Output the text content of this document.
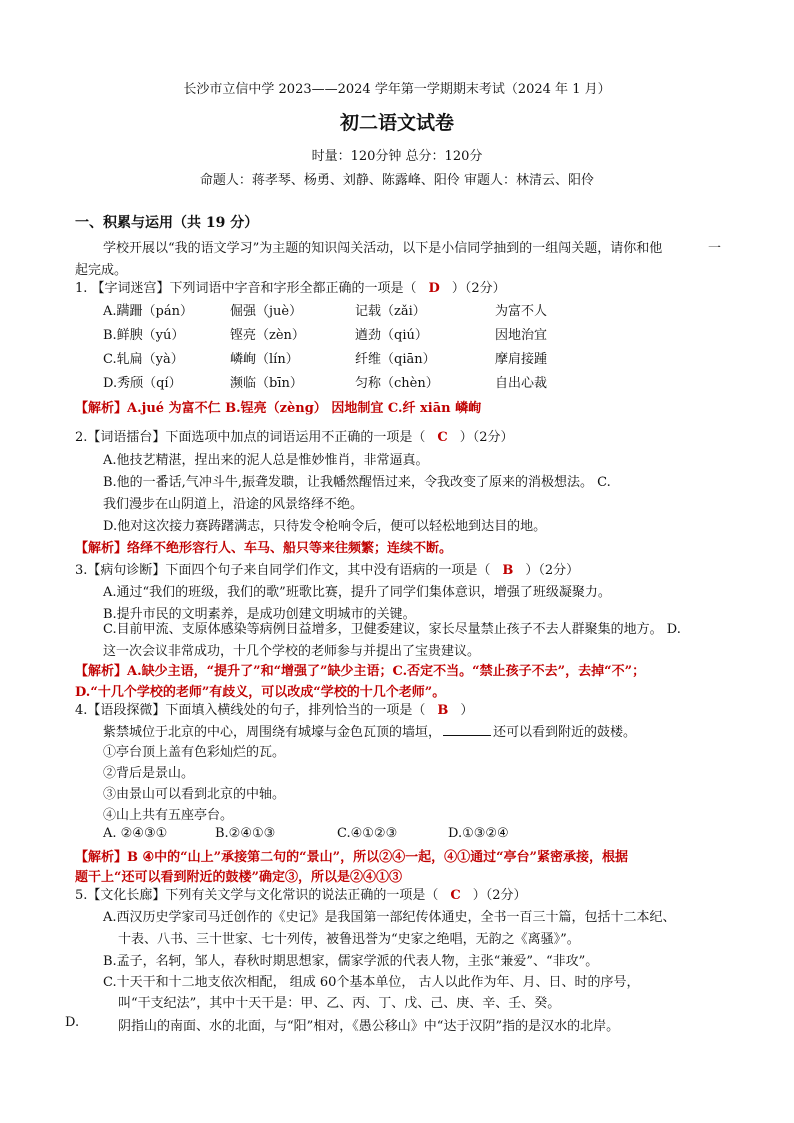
长沙市立信中学 2023——2024 学年第一学期期末考试（2024 年 1 月）
初二语文试卷
时量：120分钟 总分：120分
命题人：蒋孝琴、杨勇、刘静、陈露峰、阳伶 审题人：林清云、阳伶
一、积累与运用（共 19 分）
学校开展以“我的语文学习”为主题的知识闯关活动，以下是小信同学抽到的一组闯关题，请你和他	一
起完成。
1. 【字词迷宫】下列词语中字音和字形全都正确的一项是（ D ）（2分）
A.蹒跚（pán）	倔强（juè）	记载（zǎi）	为富不人
B.鲜腴（yú）	铿亮（zèn）	遒劲（qiú）	因地治宜
C.轧扁（yà）	嶙峋（lín）	纤维（qiān）	摩肩接踵
D.秀颀（qí）	濒临（bīn）	匀称（chèn）	自出心裁
【解析】A.jué 为富不仁 B.锃亮（zèng） 因地制宜 C.纤 xiān 嶙峋
2.【词语擂台】下面选项中加点的词语运用不正确的一项是（ C ）（2分）
A.他技艺精湛，捏出来的泥人总是惟妙惟肖，非常逼真。
B.他的一番话,气冲斗牛,振聋发聩，让我幡然醒悟过来，令我改变了原来的消极想法。 C.
我们漫步在山阴道上，沿途的风景络绎不绝。
D.他对这次接力赛踌躇满志，只待发令枪响令后，便可以轻松地到达目的地。
【解析】络绎不绝形容行人、车马、船只等来往频繁；连续不断。
3.【病句诊断】下面四个句子来自同学们作文，其中没有语病的一项是（ B ）（2分）
A.通过“我们的班级，我们的歌”班歌比赛，提升了同学们集体意识，增强了班级凝聚力。
B.提升市民的文明素养，是成功创建文明城市的关键。
C.目前甲流、支原体感染等病例日益增多，卫健委建议，家长尽量禁止孩子不去人群聚集的地方。 D.
这一次会议非常成功，十几个学校的老师参与并提出了宝贵建议。
【解析】A.缺少主语，“提升了”和“增强了”缺少主语；C.否定不当。“禁止孩子不去”，去掉“不”；
D.“十几个学校的老师”有歧义，可以改成“学校的十几个老师”。
4.【语段探微】下面填入横线处的句子，排列恰当的一项是（ B ）
紫禁城位于北京的中心，周围绕有城壕与金色瓦顶的墙垣，	还可以看到附近的鼓楼。
①亭台顶上盖有色彩灿烂的瓦。
②背后是景山。
③由景山可以看到北京的中轴。
④山上共有五座亭台。
A. ②④③①	B.②④①③	C.④①②③	D.①③②④
【解析】B ④中的“山上”承接第二句的“景山”，所以②④一起，④①通过“亭台”紧密承接，根据
题干上“还可以看到附近的鼓楼”确定③，所以是②④①③
5.【文化长廊】下列有关文学与文化常识的说法正确的一项是（ C ）（2分）
A.西汉历史学家司马迁创作的《史记》是我国第一部纪传体通史，全书一百三十篇，包括十二本纪、
十表、八书、三十世家、七十列传，被鲁迅誉为“史家之绝唱，无韵之《离骚》”。
B.孟子，名轲，邹人，春秋时期思想家，儒家学派的代表人物，主张“兼爱”、“非攻”。
C.十天干和十二地支依次相配， 组成 60个基本单位， 古人以此作为年、月、日、时的序号，
叫“干支纪法”，其中十天干是：甲、乙、丙、丁、戊、己、庚、辛、壬、癸。
D.	阴指山的南面、水的北面，与“阳”相对，《愚公移山》中“达于汉阴”指的是汉水的北岸。
